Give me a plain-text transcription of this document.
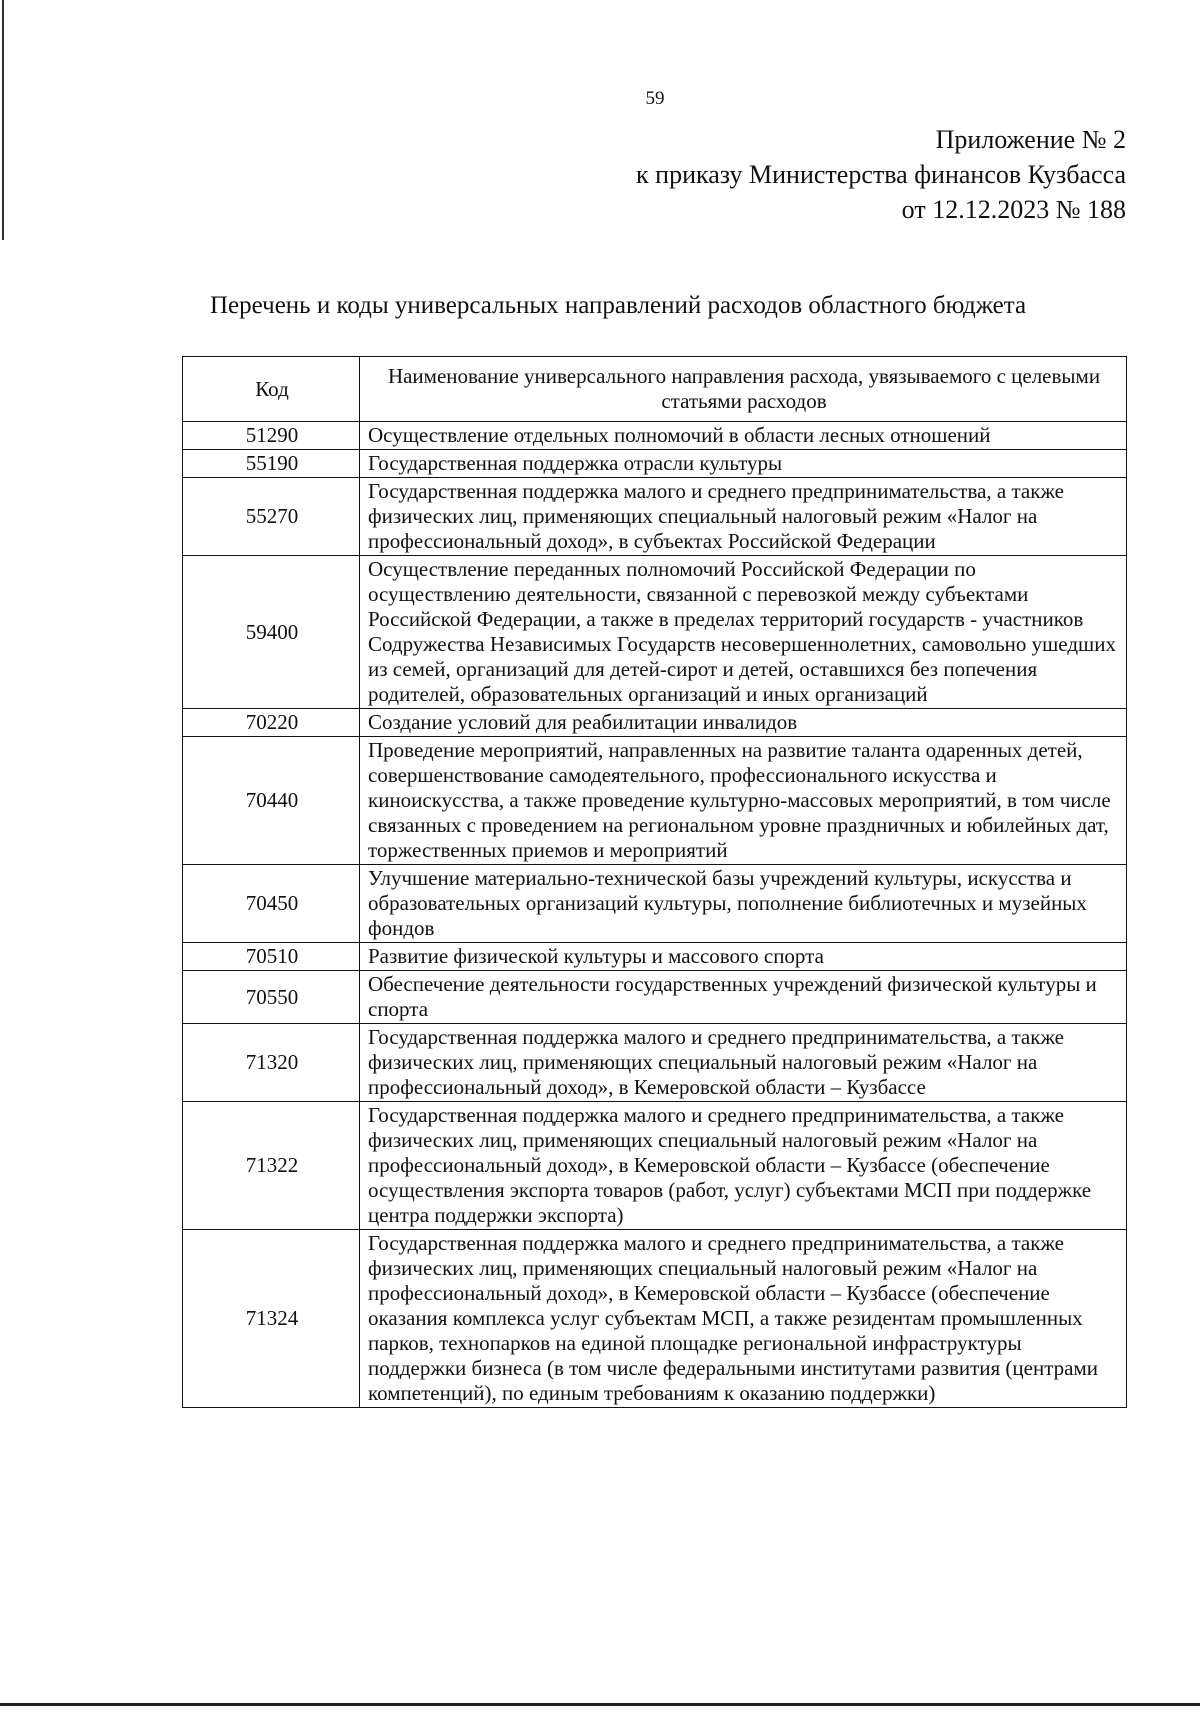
59
Приложение № 2
к приказу Министерства финансов Кузбасса
от 12.12.2023 № 188
Перечень и коды универсальных направлений расходов областного бюджета
Код	Наименование универсального направления расхода, увязываемого с целевыми статьями расходов
51290	Осуществление отдельных полномочий в области лесных отношений
55190	Государственная поддержка отрасли культуры
55270	Государственная поддержка малого и среднего предпринимательства, а также физических лиц, применяющих специальный налоговый режим «Налог на профессиональный доход», в субъектах Российской Федерации
59400	Осуществление переданных полномочий Российской Федерации по осуществлению деятельности, связанной с перевозкой между субъектами Российской Федерации, а также в пределах территорий государств - участников Содружества Независимых Государств несовершеннолетних, самовольно ушедших из семей, организаций для детей-сирот и детей, оставшихся без попечения родителей, образовательных организаций и иных организаций
70220	Создание условий для реабилитации инвалидов
70440	Проведение мероприятий, направленных на развитие таланта одаренных детей, совершенствование самодеятельного, профессионального искусства и киноискусства, а также проведение культурно-массовых мероприятий, в том числе связанных с проведением на региональном уровне праздничных и юбилейных дат, торжественных приемов и мероприятий
70450	Улучшение материально-технической базы учреждений культуры, искусства и образовательных организаций культуры, пополнение библиотечных и музейных фондов
70510	Развитие физической культуры и массового спорта
70550	Обеспечение деятельности государственных учреждений физической культуры и спорта
71320	Государственная поддержка малого и среднего предпринимательства, а также физических лиц, применяющих специальный налоговый режим «Налог на профессиональный доход», в Кемеровской области – Кузбассе
71322	Государственная поддержка малого и среднего предпринимательства, а также физических лиц, применяющих специальный налоговый режим «Налог на профессиональный доход», в Кемеровской области – Кузбассе (обеспечение осуществления экспорта товаров (работ, услуг) субъектами МСП при поддержке центра поддержки экспорта)
71324	Государственная поддержка малого и среднего предпринимательства, а также физических лиц, применяющих специальный налоговый режим «Налог на профессиональный доход», в Кемеровской области – Кузбассе (обеспечение оказания комплекса услуг субъектам МСП, а также резидентам промышленных парков, технопарков на единой площадке региональной инфраструктуры поддержки бизнеса (в том числе федеральными институтами развития (центрами компетенций), по единым требованиям к оказанию поддержки)
